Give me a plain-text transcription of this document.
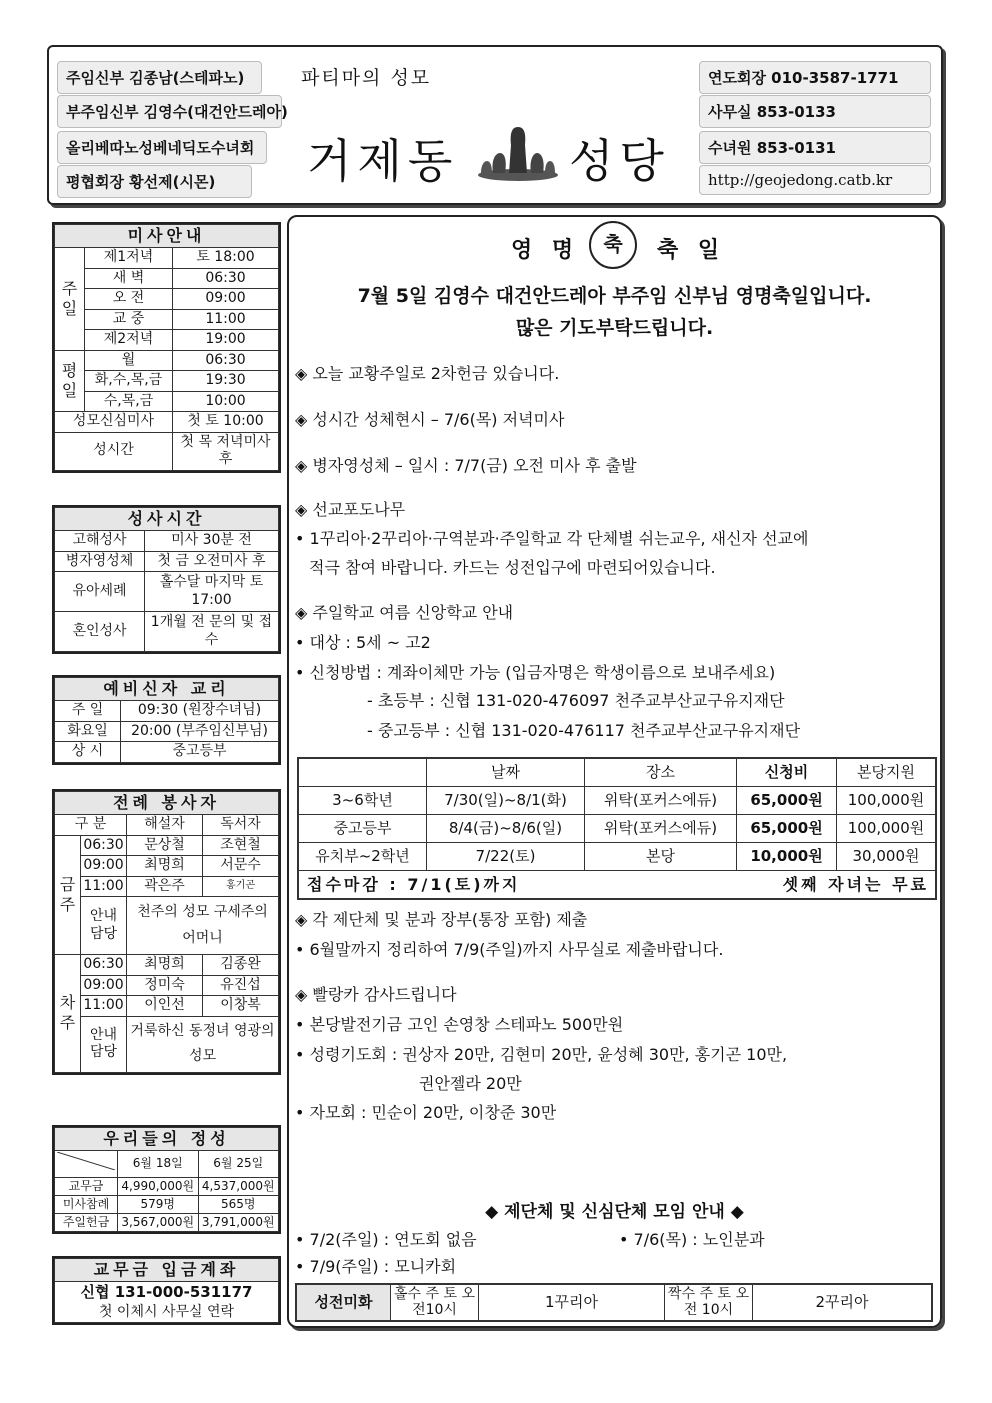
주임신부 김종남(스테파노)
부주임신부 김영수(대건안드레아)
올리베따노성베네딕도수녀회
평협회장 황선제(시몬)
파티마의 성모
거제동 성당
연도회장 010-3587-1771
사무실 853-0133
수녀원 853-0131
http://geojedong.catb.kr
미사안내		
주일	제1저녁	토 18:00
	새 벽	06:30
	오 전	09:00
	교 중	11:00
	제2저녁	19:00
평일	월	06:30
	화,수,목,금	19:30
	수,목,금	10:00
성모신심미사		첫 토 10:00
성시간		첫 목 저녁미사 후
성사시간	
고해성사	미사 30분 전
병자영성체	첫 금 오전미사 후
유아세례	홀수달 마지막 토 17:00
혼인성사	1개월 전 문의 및 접수
예비신자 교리	
주 일	09:30 (원장수녀님)
화요일	20:00 (부주임신부님)
상 시	중고등부
전례 봉사자			
구 분		해설자	독서자
금주	06:30	문상철	조현철
	09:00	최명희	서문수
	11:00	곽은주	홍기곤
	안내 담당	천주의 성모 구세주의 어머니	
차주	06:30	최명희	김종완
	09:00	정미숙	유진섭
	11:00	이인선	이창복
	안내 담당	거룩하신 동정녀 영광의 성모	
우리들의 정성		
	6월 18일	6월 25일
교무금	4,990,000원	4,537,000원
미사참례	579명	565명
주일헌금	3,567,000원	3,791,000원
교무금 입금계좌
신협 131-000-531177
첫 이체시 사무실 연락
영 명	축	축 일
7월 5일 김영수 대건안드레아 부주임 신부님 영명축일입니다.
많은 기도부탁드립니다.
◈ 오늘 교황주일로 2차헌금 있습니다.
◈ 성시간 성체현시 – 7/6(목) 저녁미사
◈ 병자영성체 – 일시 : 7/7(금) 오전 미사 후 출발
◈ 선교포도나무
• 1꾸리아·2꾸리아·구역분과·주일학교 각 단체별 쉬는교우, 새신자 선교에
적극 참여 바랍니다. 카드는 성전입구에 마련되어있습니다.
◈ 주일학교 여름 신앙학교 안내
• 대상 : 5세 ~ 고2
• 신청방법 : 계좌이체만 가능 (입금자명은 학생이름으로 보내주세요)
- 초등부 : 신협 131-020-476097 천주교부산교구유지재단
- 중고등부 : 신협 131-020-476117 천주교부산교구유지재단
	날짜	장소	신청비	본당지원
3~6학년	7/30(일)~8/1(화)	위탁(포커스에듀)	65,000원	100,000원
중고등부	8/4(금)~8/6(일)	위탁(포커스에듀)	65,000원	100,000원
유치부~2학년	7/22(토)	본당	10,000원	30,000원
접수마감 : 7/1(토)까지			셋째 자녀는 무료	
◈ 각 제단체 및 분과 장부(통장 포함) 제출
• 6월말까지 정리하여 7/9(주일)까지 사무실로 제출바랍니다.
◈ 빨랑카 감사드립니다
• 본당발전기금 고인 손영창 스테파노 500만원
• 성령기도회 : 권상자 20만, 김현미 20만, 윤성혜 30만, 홍기곤 10만,
권안젤라 20만
• 자모회 : 민순이 20만, 이창준 30만
◆ 제단체 및 신심단체 모임 안내 ◆
• 7/2(주일) : 연도회 없음	• 7/6(목) : 노인분과
• 7/9(주일) : 모니카회
성전미화	홀수 주 토 오전10시	1꾸리아	짝수 주 토 오전 10시	2꾸리아
